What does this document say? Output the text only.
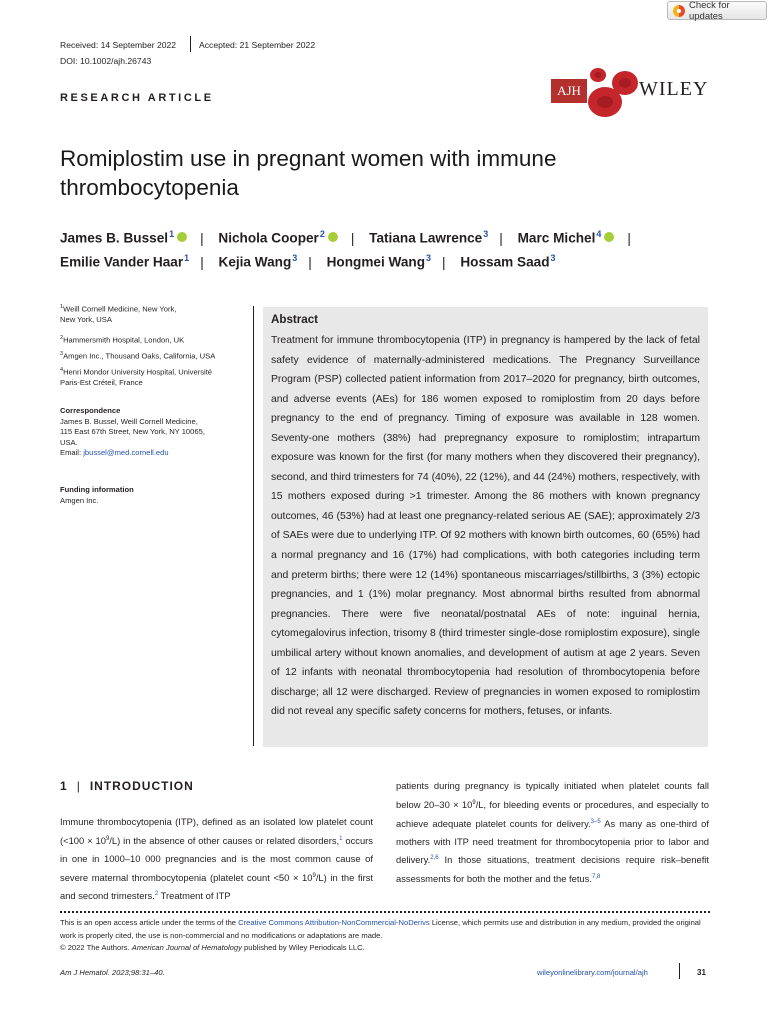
Check for updates
Received: 14 September 2022	Accepted: 21 September 2022
DOI: 10.1002/ajh.26743
RESEARCH ARTICLE	AJH	WILEY
Romiplostim use in pregnant women with immune
thrombocytopenia
James B. Bussel$^1$ | Nichola Cooper$^2$ | Tatiana Lawrence$^3$ | Marc Michel$^4$ |
Emilie Vander Haar$^1$ | Kejia Wang$^3$ | Hongmei Wang$^3$ | Hossam Saad$^3$
$^1$Weill Cornell Medicine, New York,
New York, USA
$^2$Hammersmith Hospital, London, UK
$^3$Amgen Inc., Thousand Oaks, California, USA
$^4$Henri Mondor University Hospital, Université
Paris-Est Créteil, France
Correspondence
James B. Bussel, Weill Cornell Medicine,
115 East 67th Street, New York, NY 10065,
USA.
Email: jbussel@med.cornell.edu
Funding information
Amgen Inc.
Abstract
Treatment for immune thrombocytopenia (ITP) in pregnancy is hampered by the lack of fetal safety evidence of maternally-administered medications. The Pregnancy Surveillance Program (PSP) collected patient information from 2017–2020 for pregnancy, birth outcomes, and adverse events (AEs) for 186 women exposed to romiplostim from 20 days before pregnancy to the end of pregnancy. Timing of exposure was available in 128 women. Seventy-one mothers (38%) had prepregnancy exposure to romiplostim; intrapartum exposure was known for the first (for many mothers when they discovered their pregnancy), second, and third trimesters for 74 (40%), 22 (12%), and 44 (24%) mothers, respectively, with 15 mothers exposed during >1 trimester. Among the 86 mothers with known pregnancy outcomes, 46 (53%) had at least one pregnancy-related serious AE (SAE); approximately 2/3 of SAEs were due to underlying ITP. Of 92 mothers with known birth outcomes, 60 (65%) had a normal pregnancy and 16 (17%) had complications, with both categories including term and preterm births; there were 12 (14%) spontaneous miscarriages/stillbirths, 3 (3%) ectopic pregnancies, and 1 (1%) molar pregnancy. Most abnormal births resulted from abnormal pregnancies. There were five neonatal/postnatal AEs of note: inguinal hernia, cytomegalovirus infection, trisomy 8 (third trimester single-dose romiplostim exposure), single umbilical artery without known anomalies, and development of autism at age 2 years. Seven of 12 infants with neonatal thrombocytopenia had resolution of thrombocytopenia before discharge; all 12 were discharged. Review of pregnancies in women exposed to romiplostim did not reveal any specific safety concerns for mothers, fetuses, or infants.
1 | INTRODUCTION
Immune thrombocytopenia (ITP), defined as an isolated low platelet count $(<100 \times 10^9/L)$ in the absence of other causes or related disorders,$^1$ occurs in one in 1000–10 000 pregnancies and is the most common cause of severe maternal thrombocytopenia (platelet count $<50 \times 10^9/L$) in the first and second trimesters.$^2$ Treatment of ITP
patients during pregnancy is typically initiated when platelet counts fall below $20-30 \times 10^9/L$, for bleeding events or procedures, and especially to achieve adequate platelet counts for delivery.$^{3-5}$ As many as one-third of mothers with ITP need treatment for thrombocytopenia prior to labor and delivery.$^{2,6}$ In those situations, treatment decisions require risk–benefit assessments for both the mother and the fetus.$^{7,8}$
This is an open access article under the terms of the Creative Commons Attribution-NonCommercial-NoDerivs License, which permits use and distribution in any medium, provided the original work is properly cited, the use is non-commercial and no modifications or adaptations are made.
© 2022 The Authors. American Journal of Hematology published by Wiley Periodicals LLC.
Am J Hematol. 2023;98:31–40.	wileyonlinelibrary.com/journal/ajh	31
